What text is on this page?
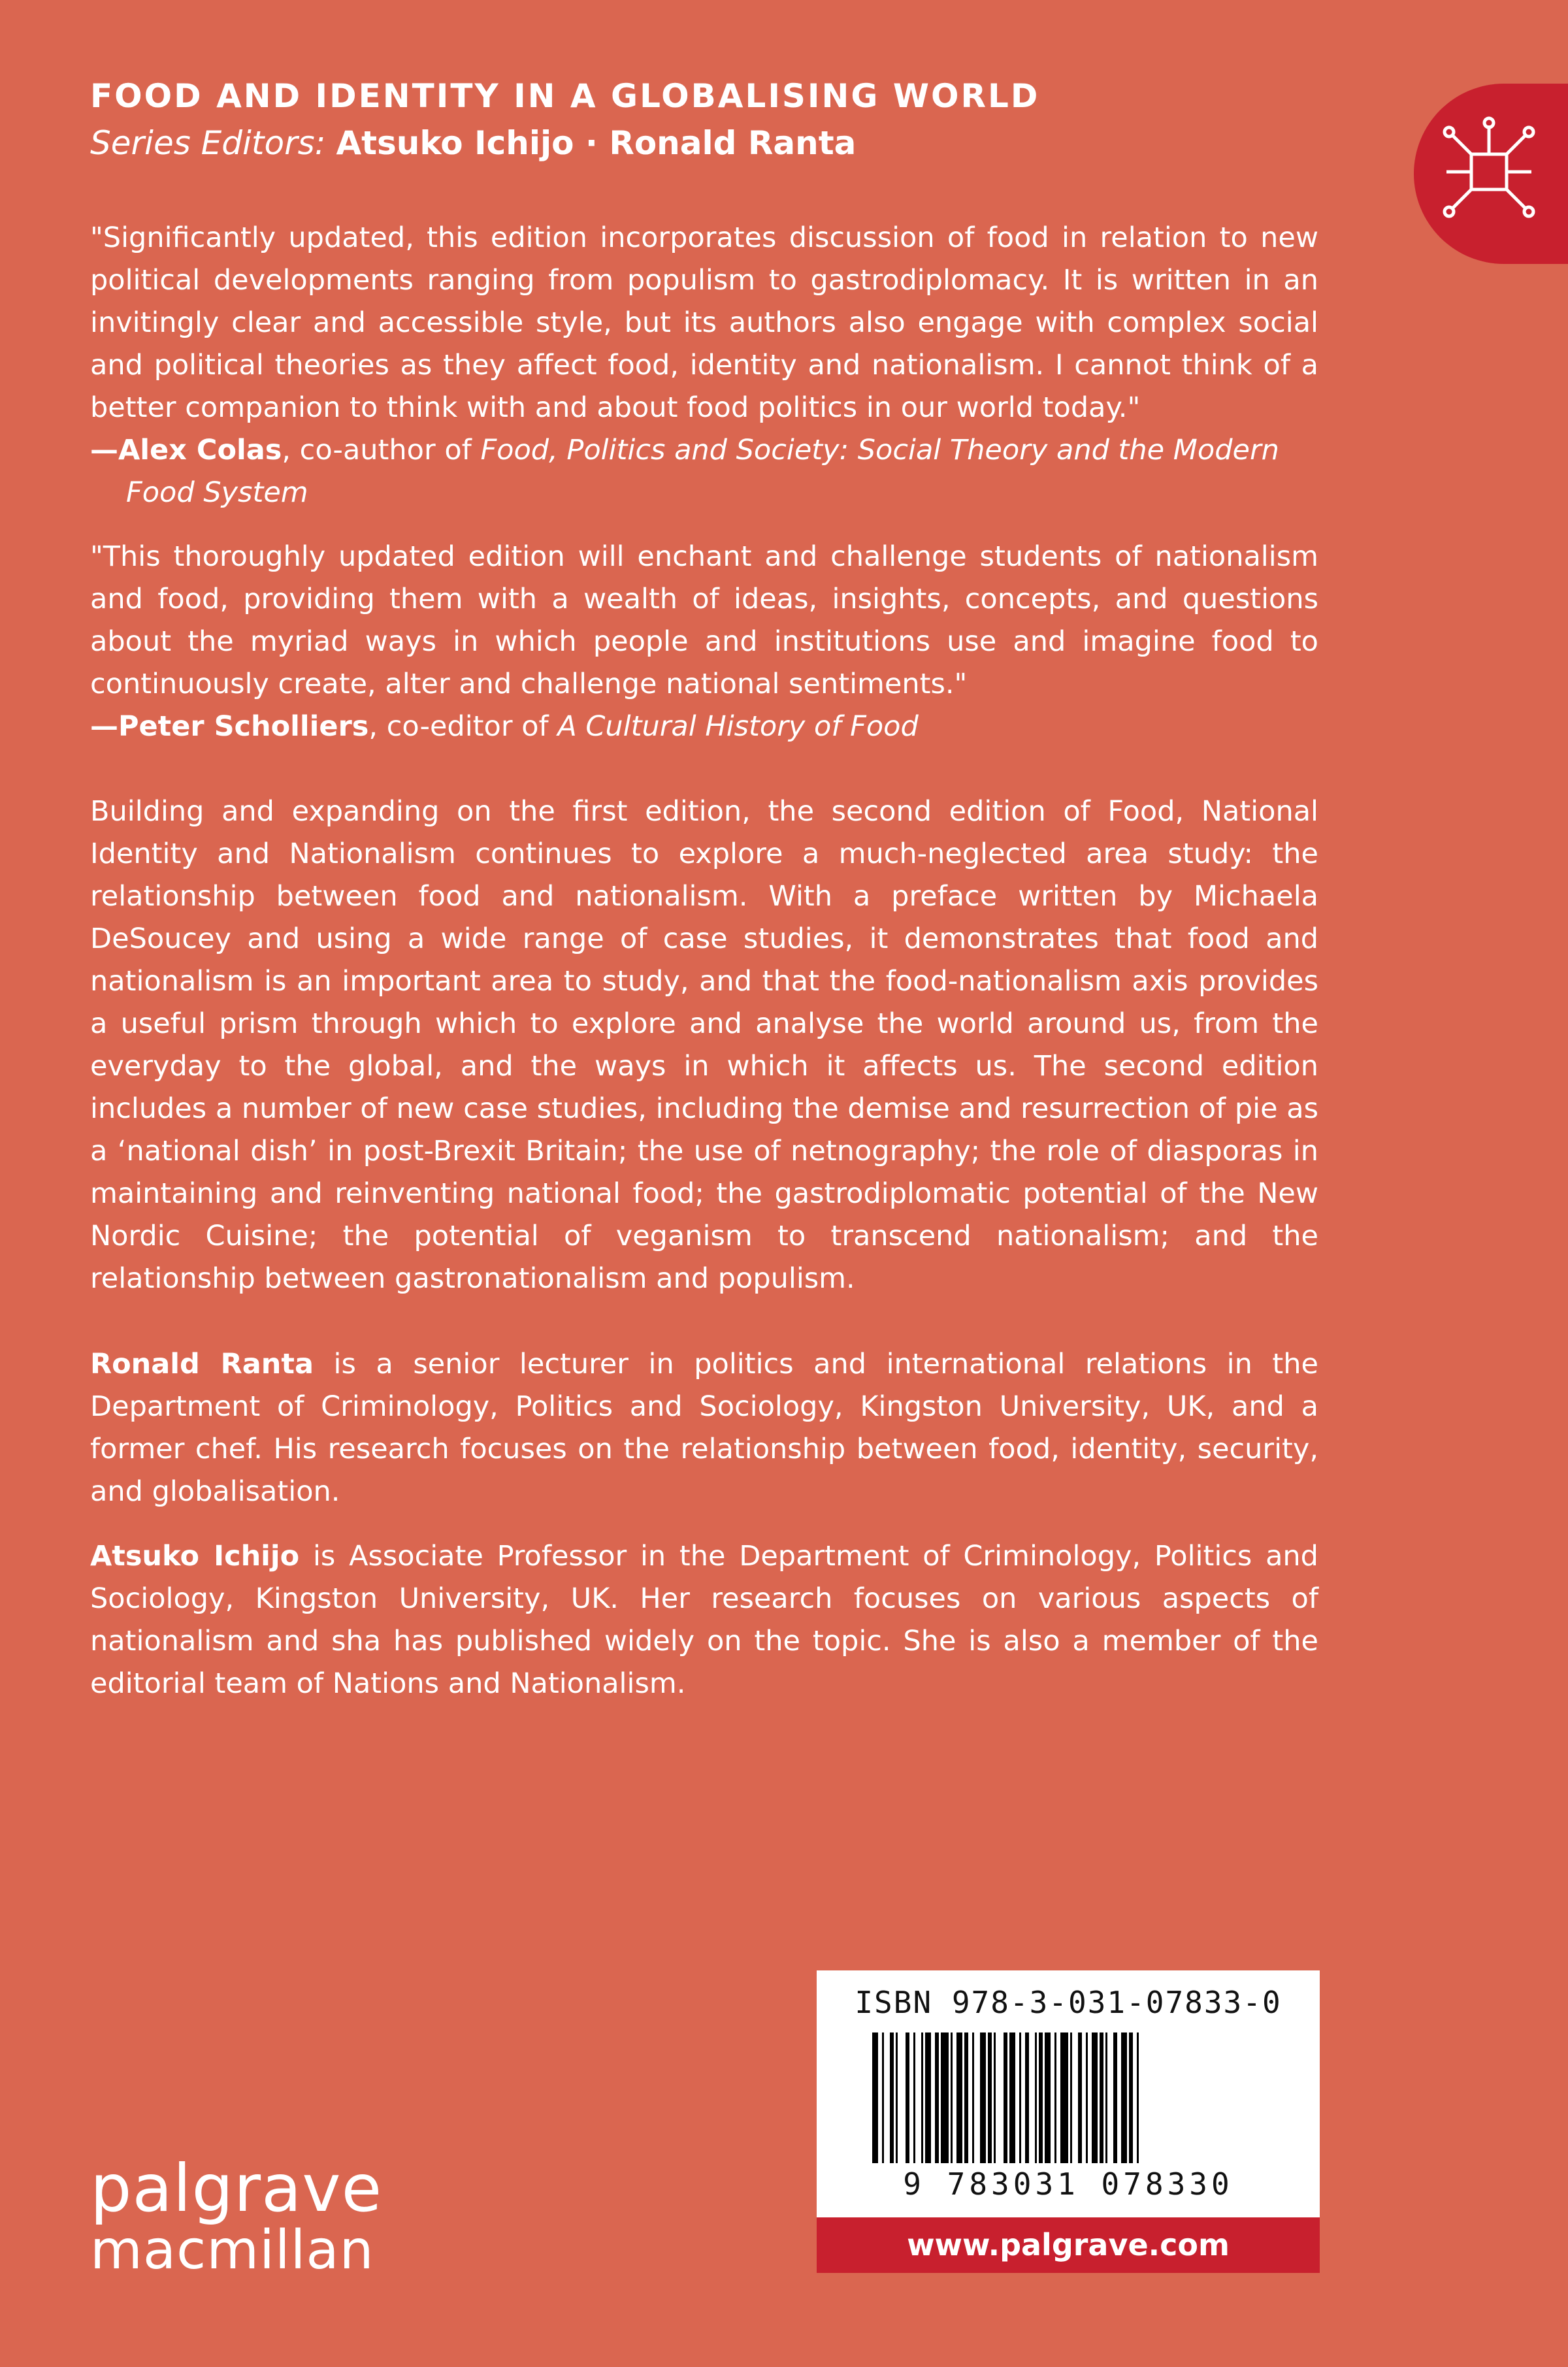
FOOD AND IDENTITY IN A GLOBALISING WORLD
Series Editors: Atsuko Ichijo · Ronald Ranta
"Significantly updated, this edition incorporates discussion of food in relation to new political developments ranging from populism to gastrodiplomacy. It is written in an invitingly clear and accessible style, but its authors also engage with complex social and political theories as they affect food, identity and nationalism. I cannot think of a better companion to think with and about food politics in our world today."
—Alex Colas, co-author of Food, Politics and Society: Social Theory and the Modern Food System
"This thoroughly updated edition will enchant and challenge students of nationalism and food, providing them with a wealth of ideas, insights, concepts, and questions about the myriad ways in which people and institutions use and imagine food to continuously create, alter and challenge national sentiments."
—Peter Scholliers, co-editor of A Cultural History of Food
Building and expanding on the first edition, the second edition of Food, National Identity and Nationalism continues to explore a much-neglected area study: the relationship between food and nationalism. With a preface written by Michaela DeSoucey and using a wide range of case studies, it demonstrates that food and nationalism is an important area to study, and that the food-nationalism axis provides a useful prism through which to explore and analyse the world around us, from the everyday to the global, and the ways in which it affects us. The second edition includes a number of new case studies, including the demise and resurrection of pie as a ‘national dish’ in post-Brexit Britain; the use of netnography; the role of diasporas in maintaining and reinventing national food; the gastrodiplomatic potential of the New Nordic Cuisine; the potential of veganism to transcend nationalism; and the relationship between gastronationalism and populism.
Ronald Ranta is a senior lecturer in politics and international relations in the Department of Criminology, Politics and Sociology, Kingston University, UK, and a former chef. His research focuses on the relationship between food, identity, security, and globalisation.
Atsuko Ichijo is Associate Professor in the Department of Criminology, Politics and Sociology, Kingston University, UK. Her research focuses on various aspects of nationalism and sha has published widely on the topic. She is also a member of the editorial team of Nations and Nationalism.
ISBN 978-3-031-07833-0
9 783031 078330
www.palgrave.com
palgrave
macmillan
